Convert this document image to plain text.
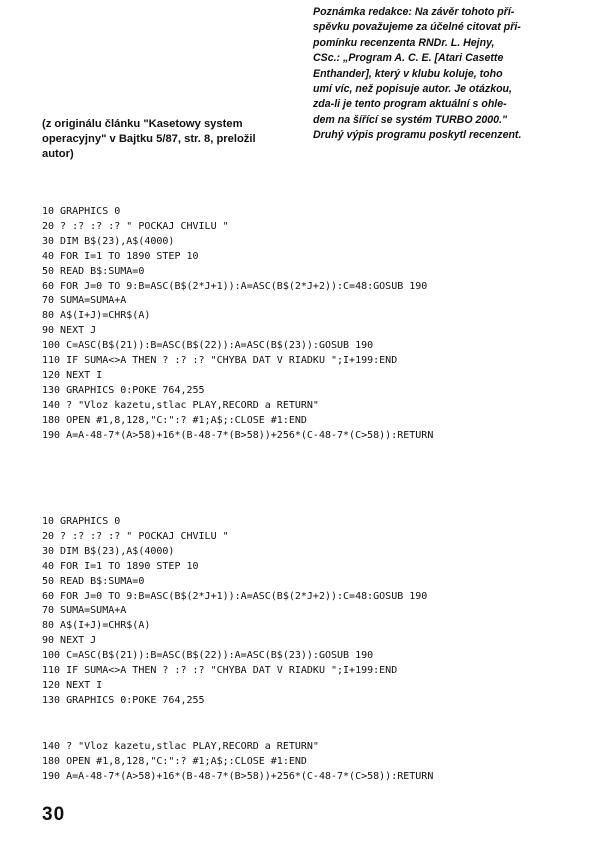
Poznámka redakce: Na závěr tohoto pří-
spěvku považujeme za účelné citovat při-
pomínku recenzenta RNDr. L. Hejny,
CSc.: „Program A. C. E. [Atari Casette
Enthander], který v klubu koluje, toho
umí víc, než popisuje autor. Je otázkou,
zda-li je tento program aktuální s ohle-
dem na šířící se systém TURBO 2000."
Druhý výpis programu poskytl recenzent.
(z originálu článku "Kasetowy system
operacyjny" v Bajtku 5/87, str. 8, preložil
autor)
10 GRAPHICS 0
20 ? :? :? :? " POCKAJ CHVILU "
30 DIM B$(23),A$(4000)
40 FOR I=1 TO 1890 STEP 10
50 READ B$:SUMA=0
60 FOR J=0 TO 9:B=ASC(B$(2*J+1)):A=ASC(B$(2*J+2)):C=48:GOSUB 190
70 SUMA=SUMA+A
80 A$(I+J)=CHR$(A)
90 NEXT J
100 C=ASC(B$(21)):B=ASC(B$(22)):A=ASC(B$(23)):GOSUB 190
110 IF SUMA<>A THEN ? :? :? "CHYBA DAT V RIADKU ";I+199:END
120 NEXT I
130 GRAPHICS 0:POKE 764,255
140 ? "Vloz kazetu,stlac PLAY,RECORD a RETURN"
180 OPEN #1,8,128,"C:":? #1;A$;:CLOSE #1:END
190 A=A-48-7*(A>58)+16*(B-48-7*(B>58))+256*(C-48-7*(C>58)):RETURN
10 GRAPHICS 0
20 ? :? :? :? " POCKAJ CHVILU "
30 DIM B$(23),A$(4000)
40 FOR I=1 TO 1890 STEP 10
50 READ B$:SUMA=0
60 FOR J=0 TO 9:B=ASC(B$(2*J+1)):A=ASC(B$(2*J+2)):C=48:GOSUB 190
70 SUMA=SUMA+A
80 A$(I+J)=CHR$(A)
90 NEXT J
100 C=ASC(B$(21)):B=ASC(B$(22)):A=ASC(B$(23)):GOSUB 190
110 IF SUMA<>A THEN ? :? :? "CHYBA DAT V RIADKU ";I+199:END
120 NEXT I
130 GRAPHICS 0:POKE 764,255
140 ? "Vloz kazetu,stlac PLAY,RECORD a RETURN"
180 OPEN #1,8,128,"C:":? #1;A$;:CLOSE #1:END
190 A=A-48-7*(A>58)+16*(B-48-7*(B>58))+256*(C-48-7*(C>58)):RETURN
30
